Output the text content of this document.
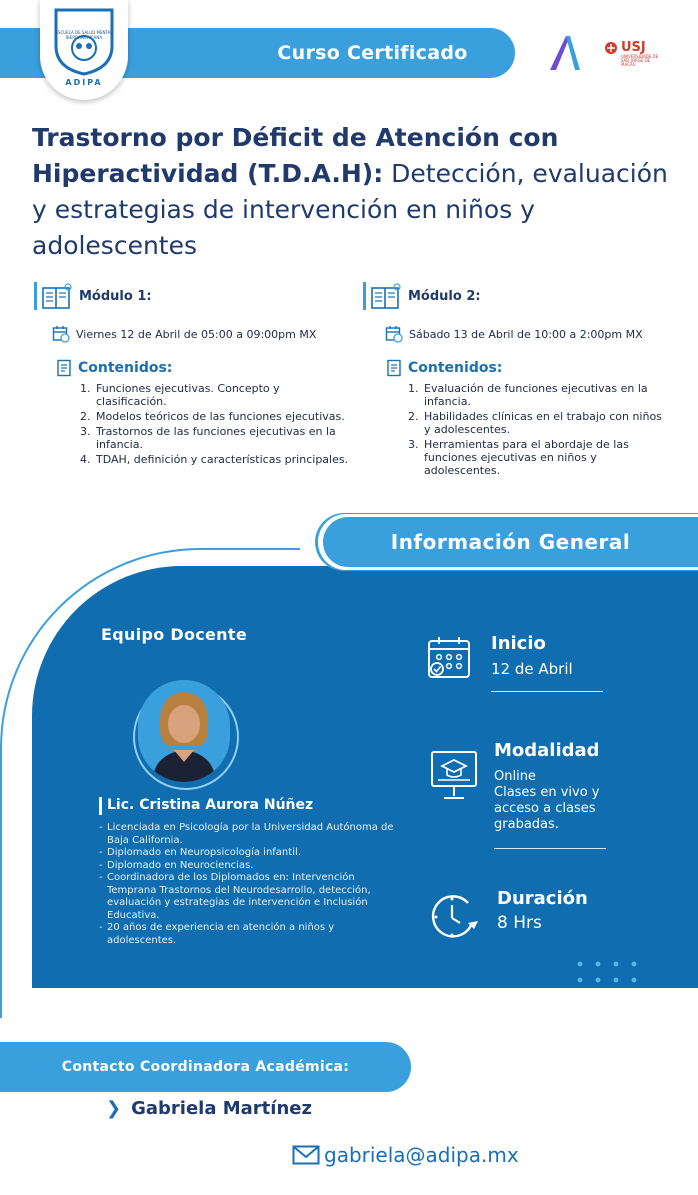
Curso Certificado
ESCUELA DE SALUD MENTAL IBEROAMERICANA
ADIPA
USJ
UNIVERSIDADE DE SÃO JORGE DE MACAU
Trastorno por Déficit de Atención con Hiperactividad (T.D.A.H): Detección, evaluación y estrategias de intervención en niños y adolescentes
Módulo 1:
Viernes 12 de Abril de 05:00 a 09:00pm MX
Contenidos:
1. Funciones ejecutivas. Concepto y clasificación.
2. Modelos teóricos de las funciones ejecutivas.
3. Trastornos de las funciones ejecutivas en la infancia.
4. TDAH, definición y características principales.
Módulo 2:
Sábado 13 de Abril de 10:00 a 2:00pm MX
Contenidos:
1. Evaluación de funciones ejecutivas en la infancia.
2. Habilidades clínicas en el trabajo con niños y adolescentes.
3. Herramientas para el abordaje de las funciones ejecutivas en niños y adolescentes.
Información General
Equipo Docente
Lic. Cristina Aurora Núñez
- Licenciada en Psicología por la Universidad Autónoma de Baja California.
- Diplomado en Neuropsicología infantil.
- Diplomado en Neurociencias.
- Coordinadora de los Diplomados en: Intervención Temprana Trastornos del Neurodesarrollo, detección, evaluación y estrategias de intervención e Inclusión Educativa.
- 20 años de experiencia en atención a niños y adolescentes.
Inicio
12 de Abril
Modalidad
Online
Clases en vivo y acceso a clases grabadas.
Duración
8 Hrs
Contacto Coordinadora Académica:
❯ Gabriela Martínez
gabriela@adipa.mx
